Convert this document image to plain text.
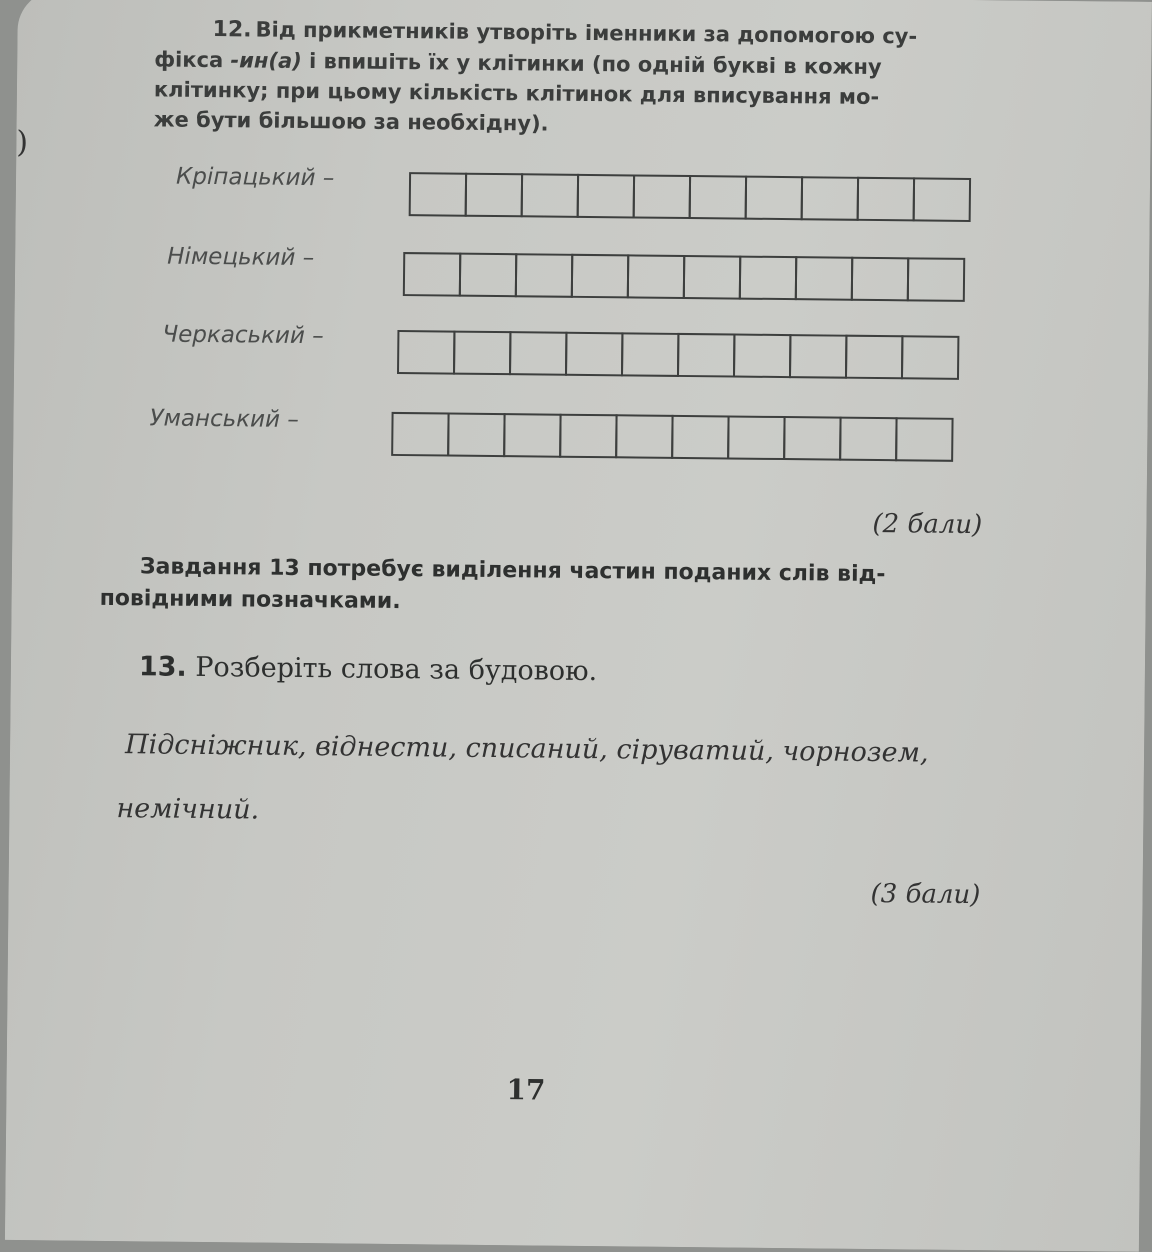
)

12. Від прикметників утворіть іменники за допомогою су-

фікса -ин(а) і впишіть їх у клітинки (по одній букві в кожну

клітинку; при цьому кількість клітинок для вписування мо-

же бути більшою за необхідну).

Кріпацький –
Німецький –
Черкаський –
Уманський –
(2 бали)

Завдання 13 потребує виділення частин поданих слів від-

повідними позначками.

13. Розберіть слова за будовою.
Підсніжник, віднести, списаний, сіруватий, чорнозем,
немічний.
(3 бали)
17
